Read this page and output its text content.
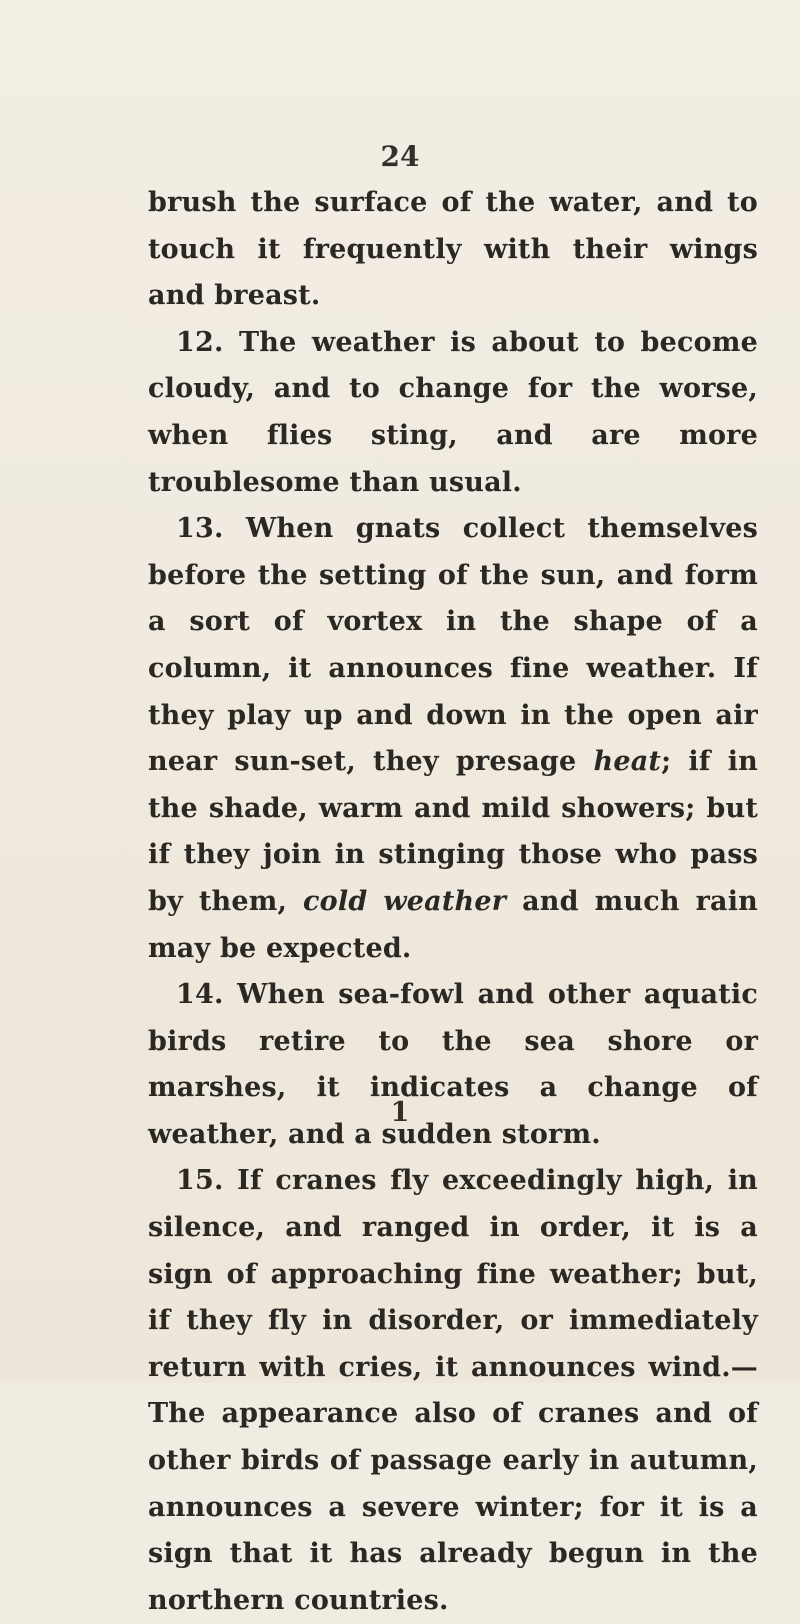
24

brush the surface of the water, and to touch it frequently with their wings and breast.

12. The weather is about to become cloudy, and to change for the worse, when flies sting, and are more troublesome than usual.

13. When gnats collect themselves before the setting of the sun, and form a sort of vortex in the shape of a column, it announces fine weather. If they play up and down in the open air near sun-set, they presage heat; if in the shade, warm and mild showers; but if they join in stinging those who pass by them, cold weather and much rain may be expected.

14. When sea-fowl and other aquatic birds retire to the sea shore or marshes, it indicates a change of weather, and a sudden storm.

15. If cranes fly exceedingly high, in silence, and ranged in order, it is a sign of approaching fine weather; but, if they fly in disorder, or immediately return with cries, it announces wind.—The appearance also of cranes and of other birds of passage early in autumn, announces a severe winter; for it is a sign that it has already begun in the northern countries.

1
